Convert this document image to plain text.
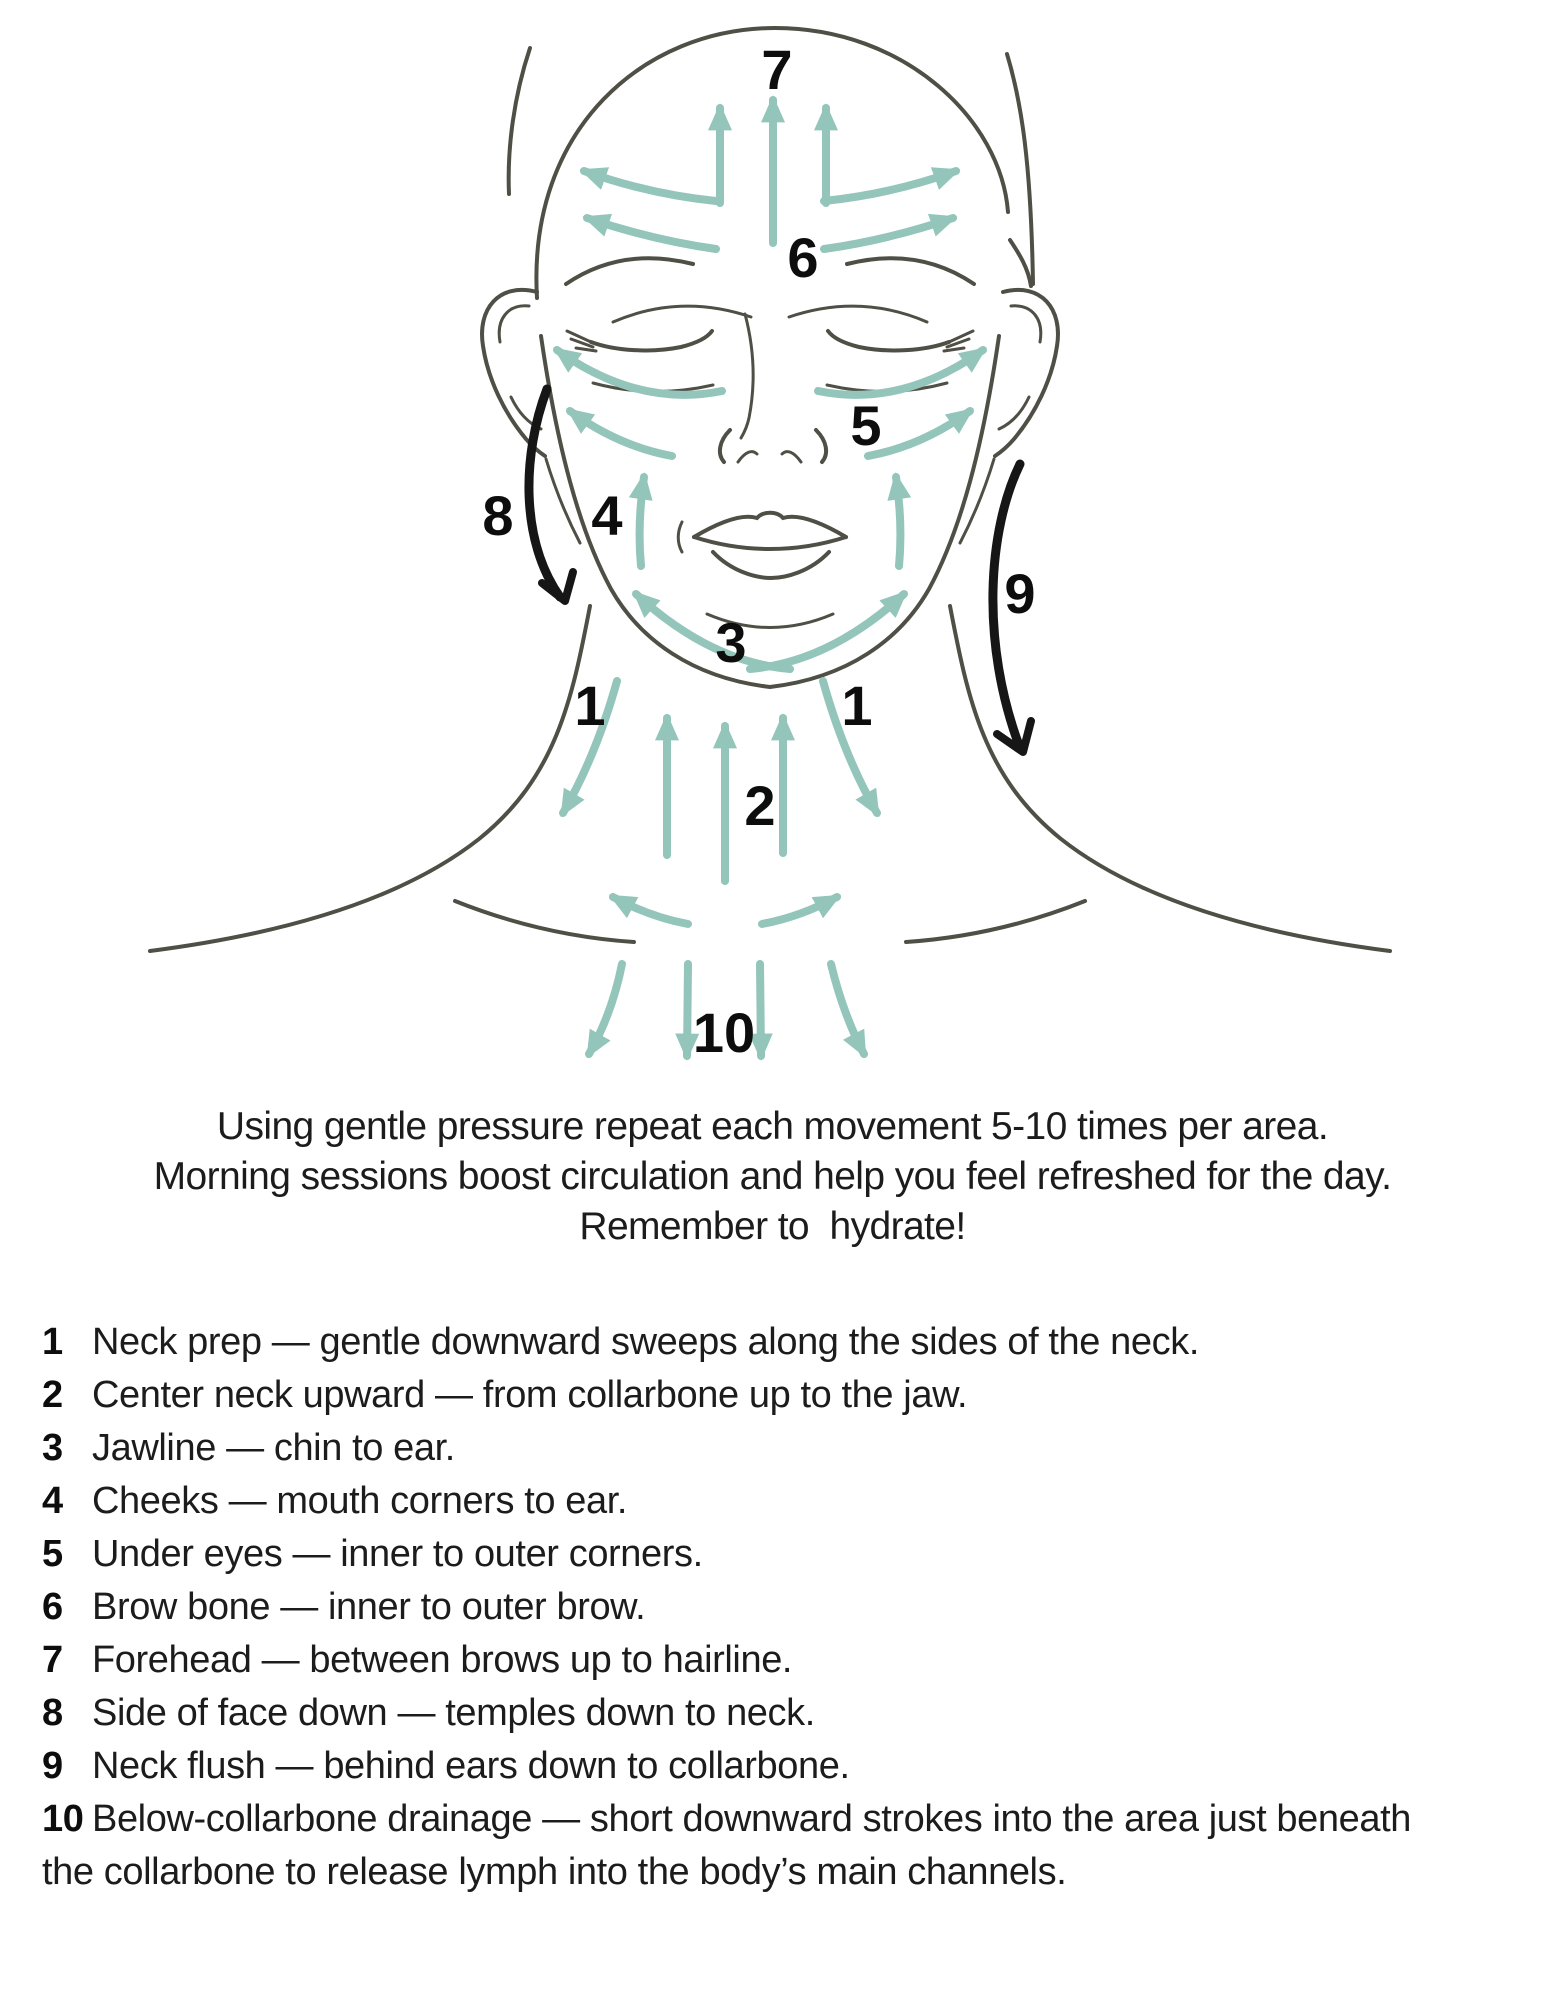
7
6
5
4
8
3
9
1	1
2
10
Using gentle pressure repeat each movement 5-10 times per area.
Morning sessions boost circulation and help you feel refreshed for the day.
Remember to  hydrate!
1 Neck prep — gentle downward sweeps along the sides of the neck.
2 Center neck upward — from collarbone up to the jaw.
3 Jawline — chin to ear.
4 Cheeks — mouth corners to ear.
5 Under eyes — inner to outer corners.
6 Brow bone — inner to outer brow.
7 Forehead — between brows up to hairline.
8 Side of face down — temples down to neck.
9 Neck flush — behind ears down to collarbone.
10 Below-collarbone drainage — short downward strokes into the area just beneath the collarbone to release lymph into the body’s main channels.
